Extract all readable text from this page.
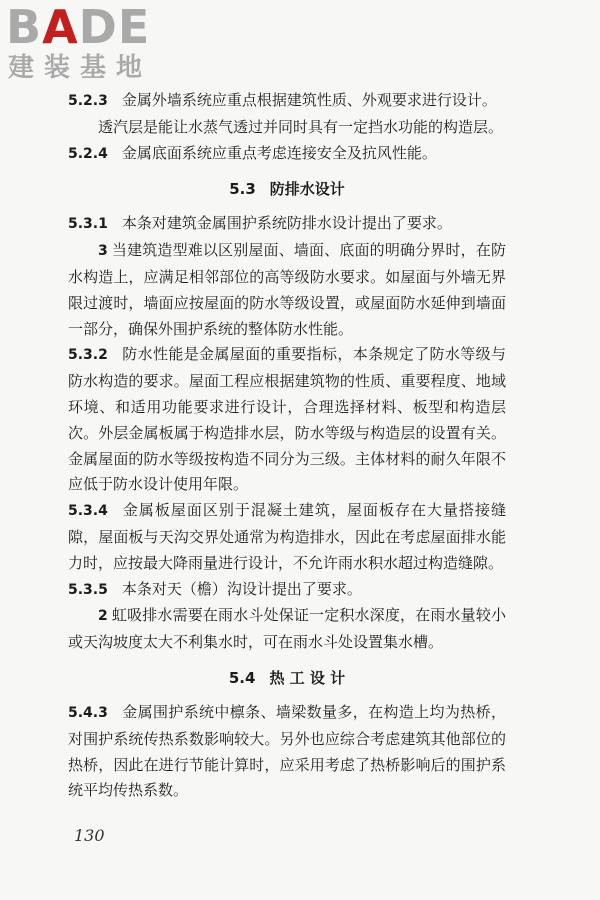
BADE
建装基地

5.2.3 金属外墙系统应重点根据建筑性质、外观要求进行设计。

透汽层是能让水蒸气透过并同时具有一定挡水功能的构造层。

5.2.4 金属底面系统应重点考虑连接安全及抗风性能。

5.3 防排水设计

5.3.1 本条对建筑金属围护系统防排水设计提出了要求。

3 当建筑造型难以区别屋面、墙面、底面的明确分界时，在防水构造上，应满足相邻部位的高等级防水要求。如屋面与外墙无界限过渡时，墙面应按屋面的防水等级设置，或屋面防水延伸到墙面一部分，确保外围护系统的整体防水性能。

5.3.2 防水性能是金属屋面的重要指标，本条规定了防水等级与防水构造的要求。屋面工程应根据建筑物的性质、重要程度、地域环境、和适用功能要求进行设计，合理选择材料、板型和构造层次。外层金属板属于构造排水层，防水等级与构造层的设置有关。金属屋面的防水等级按构造不同分为三级。主体材料的耐久年限不应低于防水设计使用年限。

5.3.4 金属板屋面区别于混凝土建筑，屋面板存在大量搭接缝隙，屋面板与天沟交界处通常为构造排水，因此在考虑屋面排水能力时，应按最大降雨量进行设计，不允许雨水积水超过构造缝隙。

5.3.5 本条对天（檐）沟设计提出了要求。

2 虹吸排水需要在雨水斗处保证一定积水深度，在雨水量较小或天沟坡度太大不利集水时，可在雨水斗处设置集水槽。

5.4 热 工 设 计

5.4.3 金属围护系统中檩条、墙梁数量多，在构造上均为热桥，对围护系统传热系数影响较大。另外也应综合考虑建筑其他部位的热桥，因此在进行节能计算时，应采用考虑了热桥影响后的围护系统平均传热系数。

130
